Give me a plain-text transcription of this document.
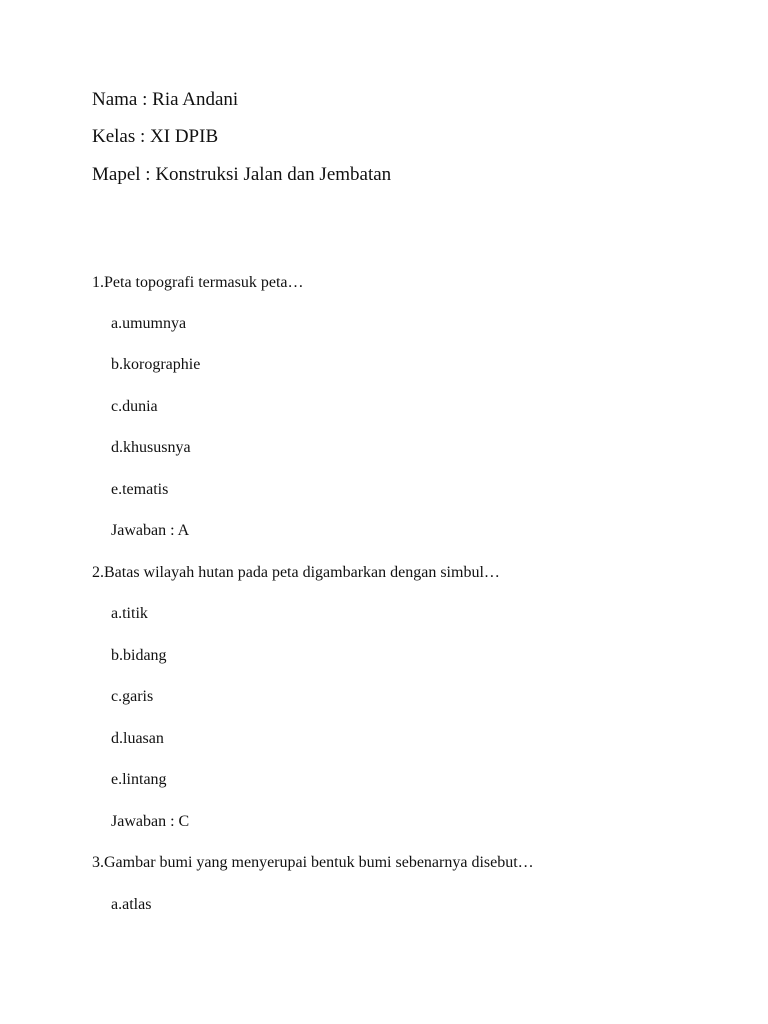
Nama : Ria Andani
Kelas : XI DPIB
Mapel : Konstruksi Jalan dan Jembatan
1.Peta topografi termasuk peta…
a.umumnya
b.korographie
c.dunia
d.khususnya
e.tematis
Jawaban : A
2.Batas wilayah hutan pada peta digambarkan dengan simbul…
a.titik
b.bidang
c.garis
d.luasan
e.lintang
Jawaban : C
3.Gambar bumi yang menyerupai bentuk bumi sebenarnya disebut…
a.atlas
